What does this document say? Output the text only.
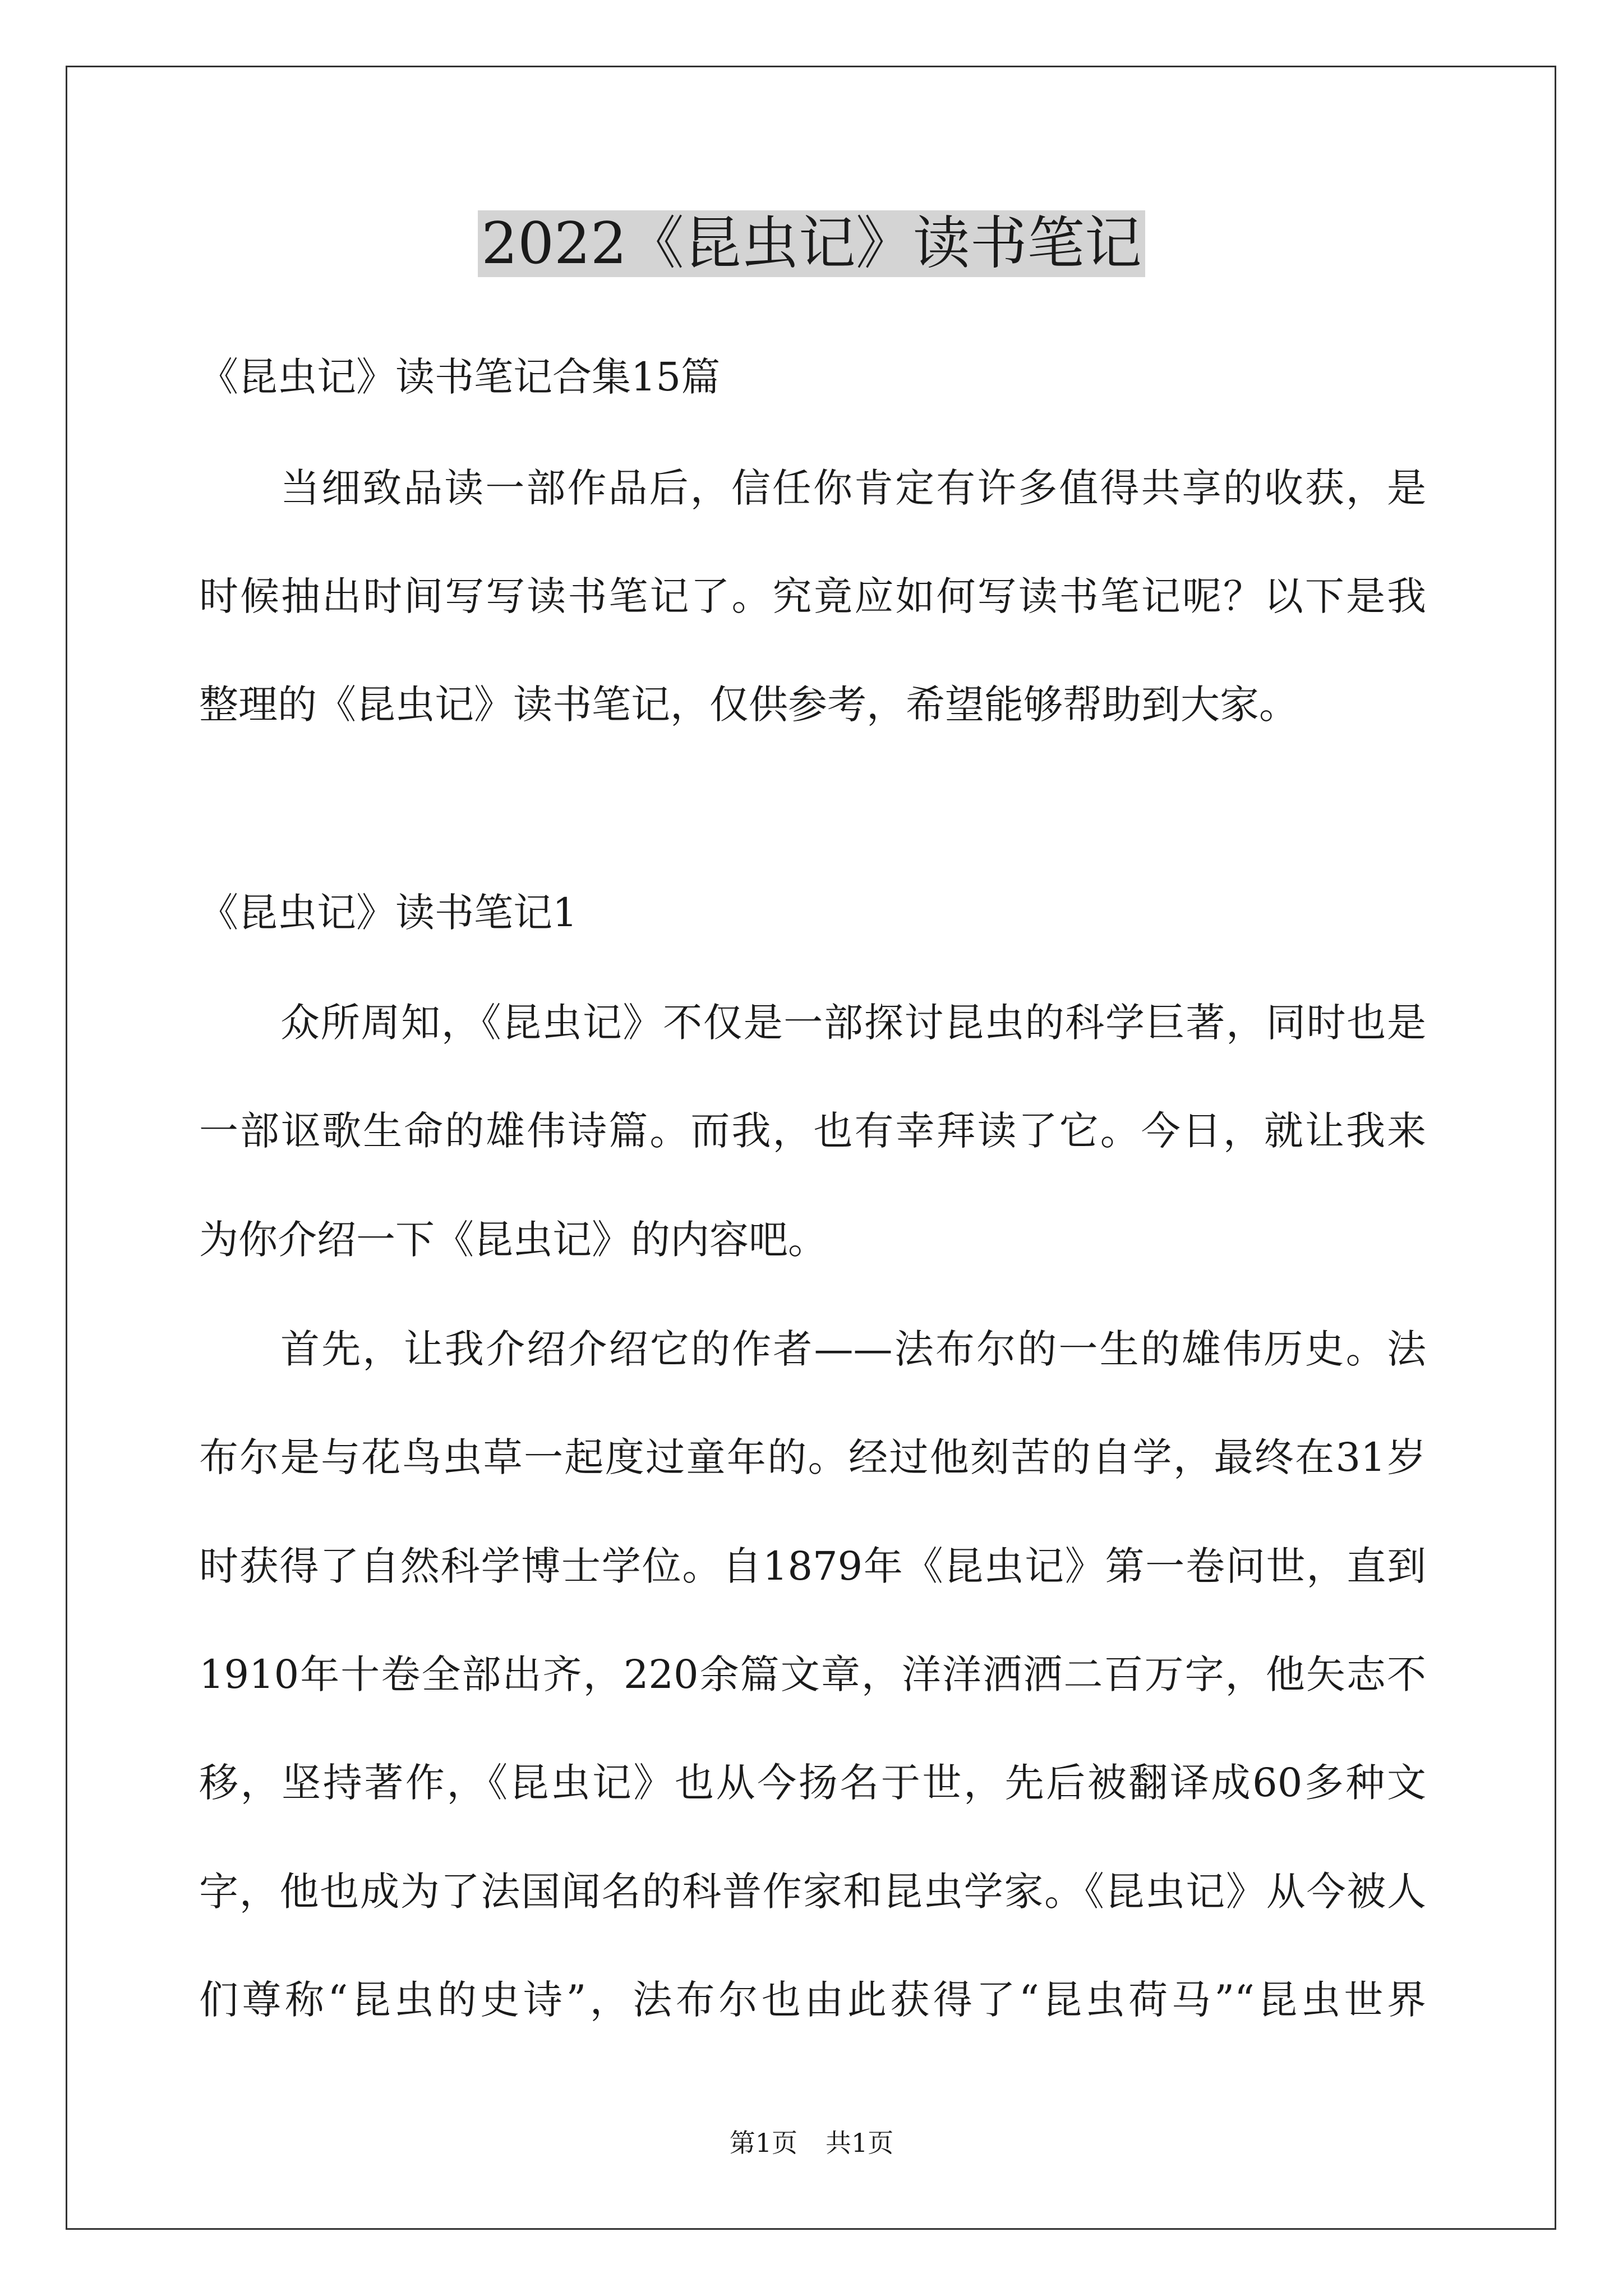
2022《昆虫记》读书笔记
《昆虫记》读书笔记合集15篇
当细致品读一部作品后，信任你肯定有许多值得共享的收获，是
时候抽出时间写写读书笔记了。究竟应如何写读书笔记呢？以下是我
整理的《昆虫记》读书笔记，仅供参考，希望能够帮助到大家。
《昆虫记》读书笔记1
众所周知，《昆虫记》不仅是一部探讨昆虫的科学巨著，同时也是
一部讴歌生命的雄伟诗篇。而我，也有幸拜读了它。今日，就让我来
为你介绍一下《昆虫记》的内容吧。
首先，让我介绍介绍它的作者——法布尔的一生的雄伟历史。法
布尔是与花鸟虫草一起度过童年的。经过他刻苦的自学，最终在31岁
时获得了自然科学博士学位。自1879年《昆虫记》第一卷问世，直到
1910年十卷全部出齐，220余篇文章，洋洋洒洒二百万字，他矢志不
移，坚持著作，《昆虫记》也从今扬名于世，先后被翻译成60多种文
字，他也成为了法国闻名的科普作家和昆虫学家。《昆虫记》从今被人
们尊称“昆虫的史诗”，法布尔也由此获得了“昆虫荷马”“昆虫世界
第1页 共1页
